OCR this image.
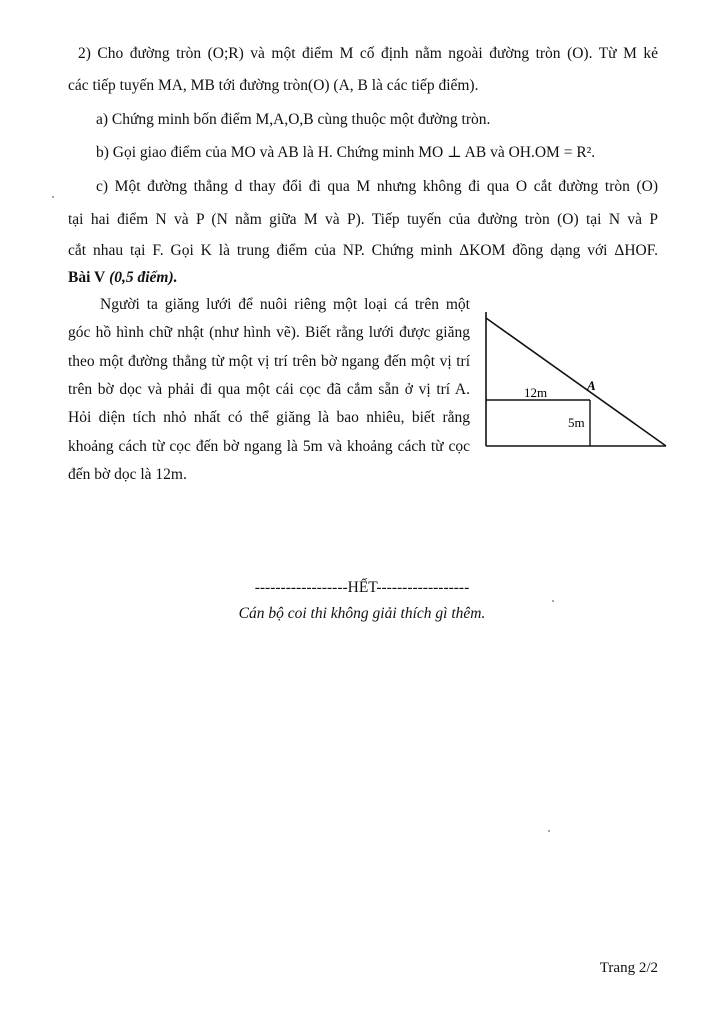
2) Cho đường tròn (O;R) và một điểm M cố định nằm ngoài đường tròn (O). Từ M kẻ
các tiếp tuyến MA, MB tới đường tròn(O) (A, B là các tiếp điểm).
a) Chứng minh bốn điểm M,A,O,B cùng thuộc một đường tròn.
b) Gọi giao điểm của MO và AB là H. Chứng minh MO ⊥ AB và OH.OM = R².
c) Một đường thẳng d thay đổi đi qua M nhưng không đi qua O cắt đường tròn (O)
tại hai điểm N và P (N nằm giữa M và P). Tiếp tuyến của đường tròn (O) tại N và P
cắt nhau tại F. Gọi K là trung điểm của NP. Chứng minh ΔKOM đồng dạng với ΔHOF.
Bài V (0,5 điểm).
Người ta giăng lưới để nuôi riêng một loại cá trên một
góc hồ hình chữ nhật (như hình vẽ). Biết rằng lưới được giăng
theo một đường thẳng từ một vị trí trên bờ ngang đến một vị trí
trên bờ dọc và phải đi qua một cái cọc đã cắm sẵn ở vị trí A.
Hỏi diện tích nhỏ nhất có thể giăng là bao nhiêu, biết rằng
khoảng cách từ cọc đến bờ ngang là 5m và khoảng cách từ cọc
đến bờ dọc là 12m.
12m	A
5m
------------------HẾT------------------
Cán bộ coi thi không giải thích gì thêm.
Trang 2/2
